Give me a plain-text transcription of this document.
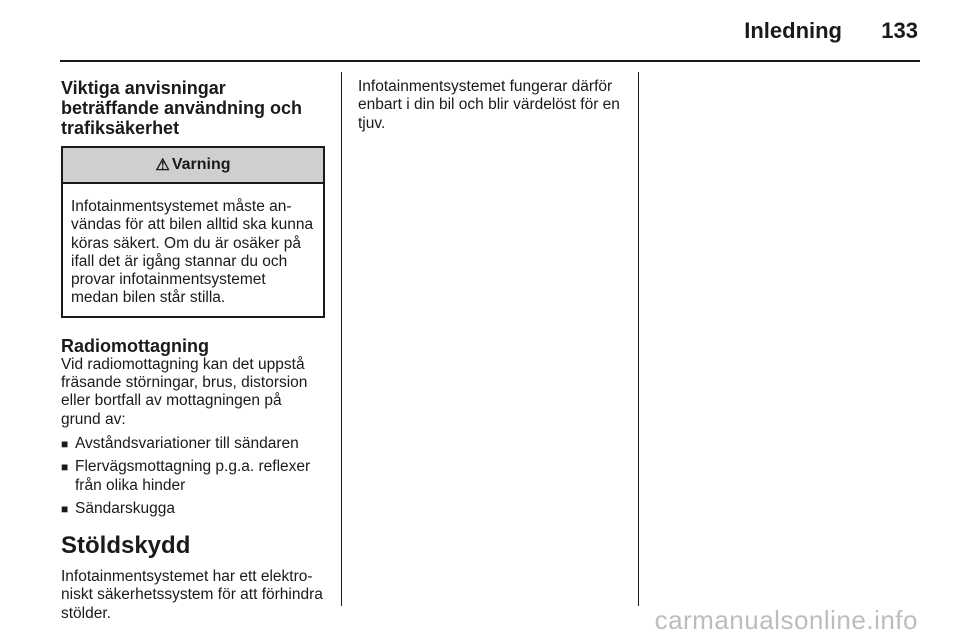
Inledning 133
Viktiga anvisningar beträffande användning och trafiksäkerhet
⚠ Varning
Infotainmentsystemet måste användas för att bilen alltid ska kunna köras säkert. Om du är osäker på ifall det är igång stannar du och provar infotainmentsystemet medan bilen står stilla.
Radiomottagning

Vid radiomottagning kan det uppstå fräsande störningar, brus, distorsion eller bortfall av mottagningen på grund av:

■ Avståndsvariationer till sändaren
■ Flervägsmottagning p.g.a. reflexer från olika hinder
■ Sändarskugga
Stöldskydd

Infotainmentsystemet har ett elektroniskt säkerhetssystem för att förhindra stölder.

Infotainmentsystemet fungerar därför enbart i din bil och blir värdelöst för en tjuv.

carmanualsonline.info
